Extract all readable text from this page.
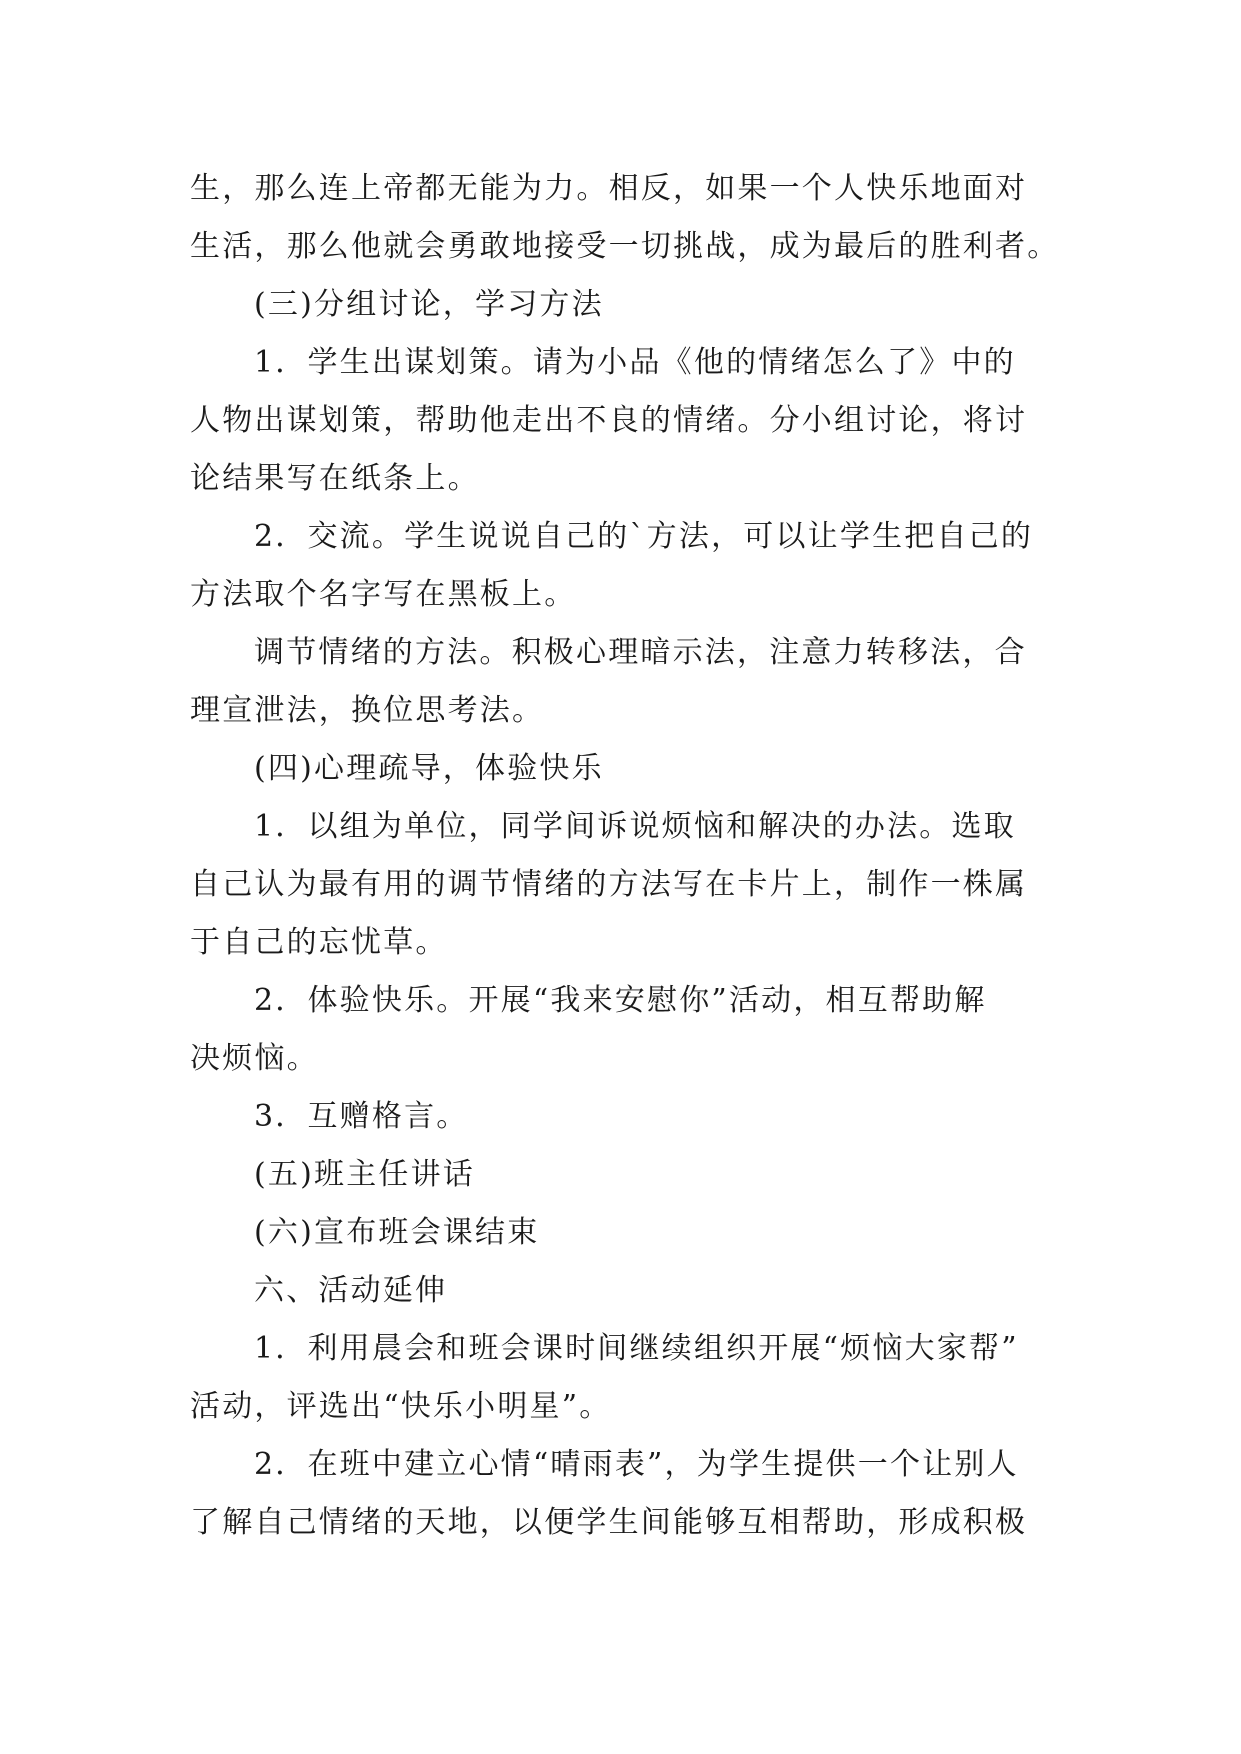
生，那么连上帝都无能为力。相反，如果一个人快乐地面对
生活，那么他就会勇敢地接受一切挑战，成为最后的胜利者。
(三)分组讨论，学习方法
1．学生出谋划策。请为小品《他的情绪怎么了》中的
人物出谋划策，帮助他走出不良的情绪。分小组讨论，将讨
论结果写在纸条上。
2．交流。学生说说自己的`方法，可以让学生把自己的
方法取个名字写在黑板上。
调节情绪的方法。积极心理暗示法，注意力转移法，合
理宣泄法，换位思考法。
(四)心理疏导，体验快乐
1．以组为单位，同学间诉说烦恼和解决的办法。选取
自己认为最有用的调节情绪的方法写在卡片上，制作一株属
于自己的忘忧草。
2．体验快乐。开展“我来安慰你”活动，相互帮助解
决烦恼。
3．互赠格言。
(五)班主任讲话
(六)宣布班会课结束
六、活动延伸
1．利用晨会和班会课时间继续组织开展“烦恼大家帮”
活动，评选出“快乐小明星”。
2．在班中建立心情“晴雨表”，为学生提供一个让别人
了解自己情绪的天地，以便学生间能够互相帮助，形成积极
